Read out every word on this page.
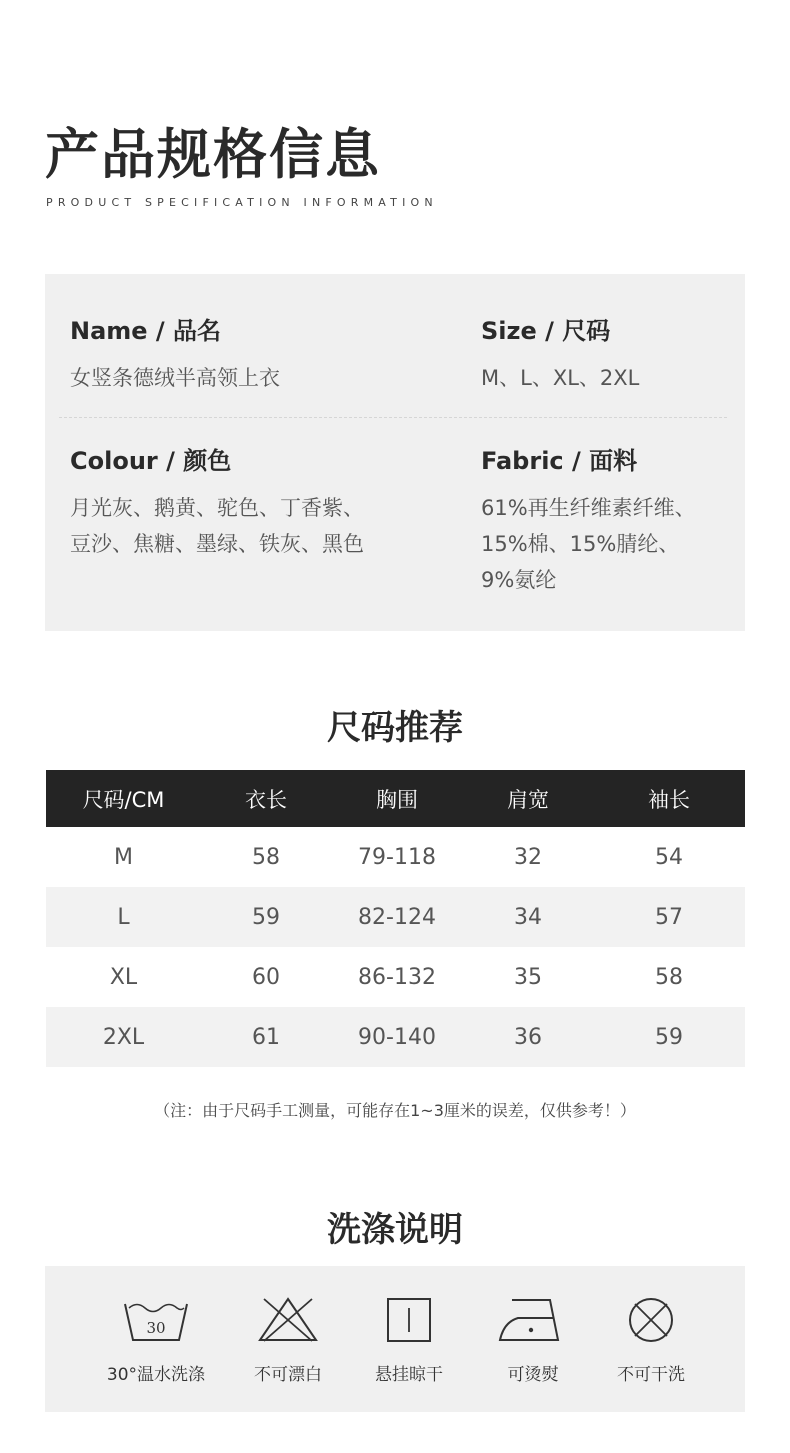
产品规格信息
PRODUCT SPECIFICATION INFORMATION
Name / 品名
女竖条德绒半高领上衣
Size / 尺码
M、L、XL、2XL
Colour / 颜色
月光灰、鹅黄、驼色、丁香紫、
豆沙、焦糖、墨绿、铁灰、黑色
Fabric / 面料
61%再生纤维素纤维、
15%棉、15%腈纶、
9%氨纶
尺码推荐
尺码/CM	衣长	胸围	肩宽	袖长
M	58	79-118	32	54
L	59	82-124	34	57
XL	60	86-132	35	58
2XL	61	90-140	36	59
（注：由于尺码手工测量，可能存在1~3厘米的误差，仅供参考！）
洗涤说明
30
30°温水洗涤	不可漂白	悬挂晾干	可烫熨	不可干洗
